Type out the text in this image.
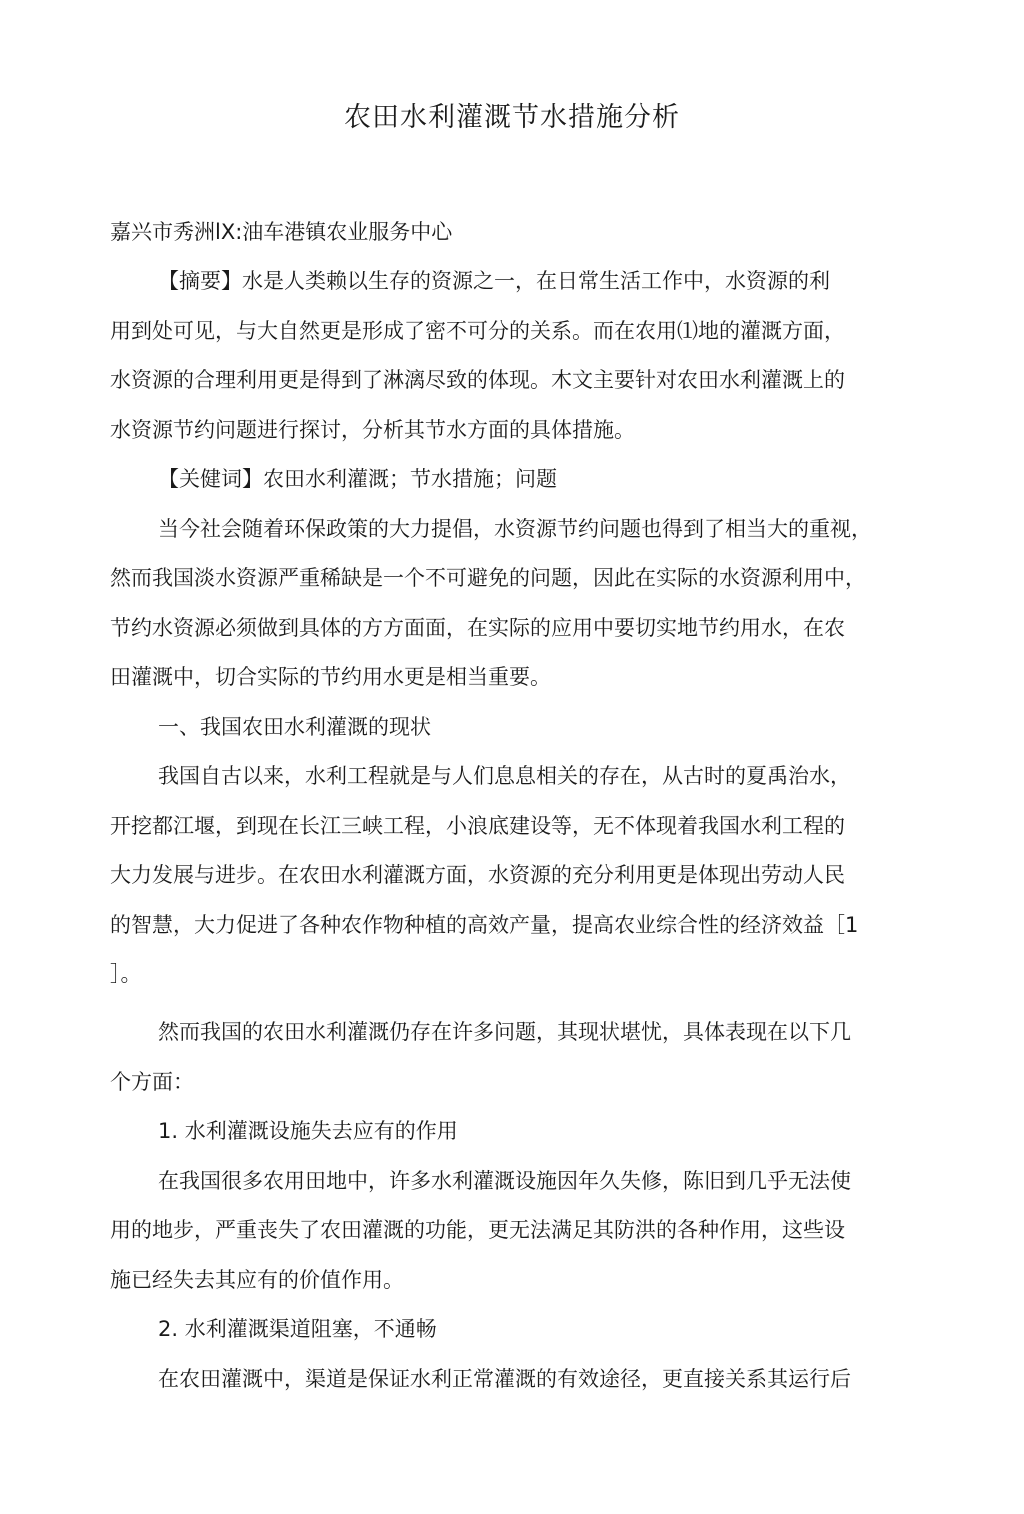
农田水利灌溉节水措施分析
嘉兴市秀洲lX:油车港镇农业服务中心
【摘要】水是人类赖以生存的资源之一，在日常生活工作中，水资源的利
用到处可见，与大自然更是形成了密不可分的关系。而在农用⑴地的灌溉方面，
水资源的合理利用更是得到了淋漓尽致的体现。木文主要针对农田水利灌溉上的
水资源节约问题进行探讨，分析其节水方面的具体措施。
【关健词】农田水利灌溉；节水措施；问题
当今社会随着环保政策的大力提倡，水资源节约问题也得到了相当大的重视，
然而我国淡水资源严重稀缺是一个不可避免的问题，因此在实际的水资源利用中，
节约水资源必须做到具体的方方面面，在实际的应用中要切实地节约用水，在农
田灌溉中，切合实际的节约用水更是相当重要。
一、我国农田水利灌溉的现状
我国自古以来，水利工程就是与人们息息相关的存在，从古时的夏禹治水，
开挖都江堰，到现在长江三峡工程，小浪底建设等，无不体现着我国水利工程的
大力发展与进步。在农田水利灌溉方面，水资源的充分利用更是体现出劳动人民
的智慧，大力促进了各种农作物种植的高效产量，提高农业综合性的经济效益［1
］。
然而我国的农田水利灌溉仍存在许多问题，其现状堪忧，具体表现在以下几
个方面：
1. 水利灌溉设施失去应有的作用
在我国很多农用田地中，许多水利灌溉设施因年久失修，陈旧到几乎无法使
用的地步，严重丧失了农田灌溉的功能，更无法满足其防洪的各种作用，这些设
施已经失去其应有的价值作用。
2. 水利灌溉渠道阻塞，不通畅
在农田灌溉中，渠道是保证水利正常灌溉的有效途径，更直接关系其运行后
